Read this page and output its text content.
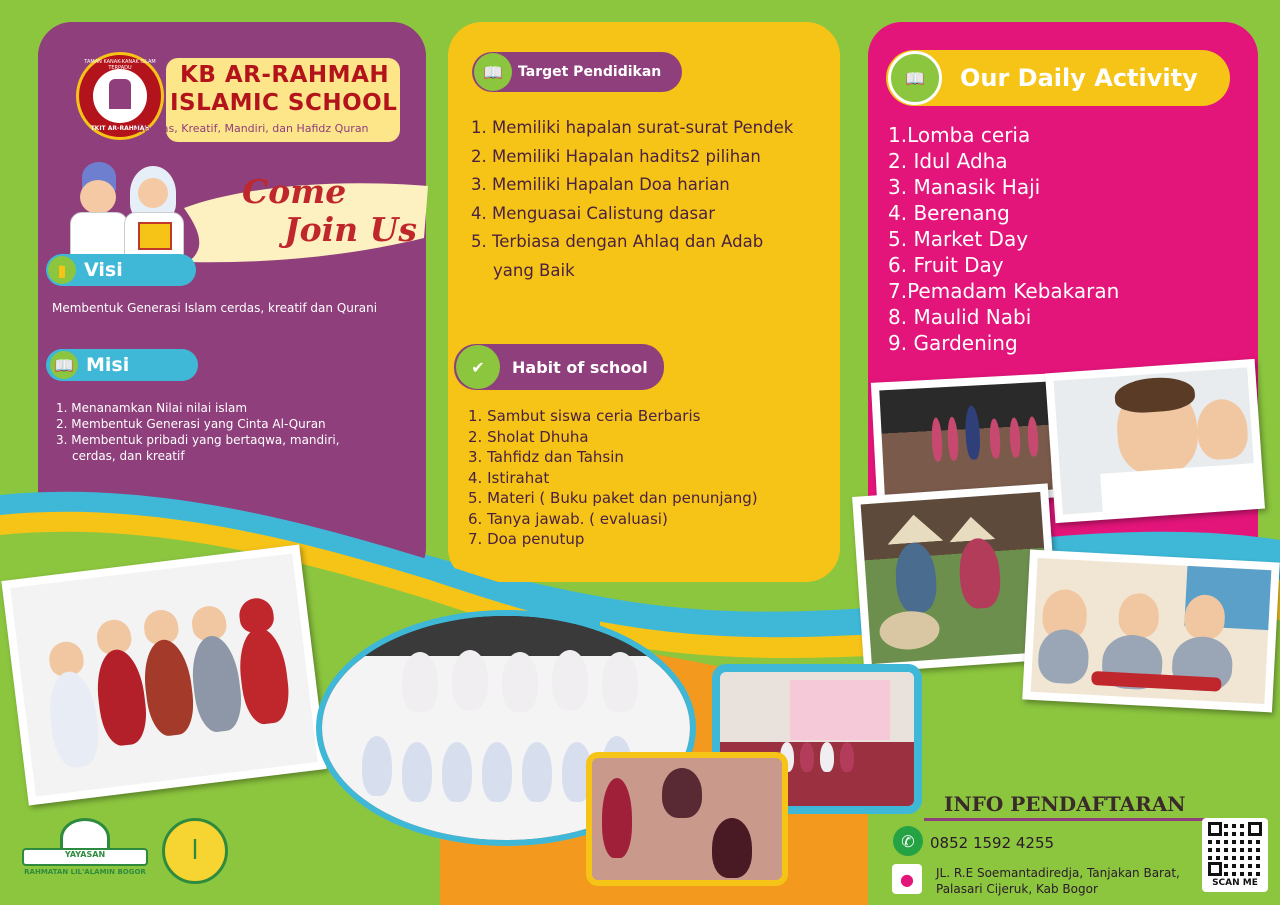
TAMAN KANAK-KANAK ISLAM TERPADU
TKIT AR-RAHMAH
KB AR-RAHMAH
ISLAMIC SCHOOL
Cerdas, Kreatif, Mandiri, dan Hafidz Quran
Come
Join Us
▮ Visi
Membentuk Generasi Islam cerdas, kreatif dan Qurani
📖 Misi
1. Menanamkan Nilai nilai islam
2. Membentuk Generasi yang Cinta Al-Quran
3. Membentuk pribadi yang bertaqwa, mandiri,
cerdas, dan kreatif
📖	Target Pendidikan
1. Memiliki hapalan surat-surat Pendek
2. Memiliki Hapalan hadits2 pilihan
3. Memiliki Hapalan Doa harian
4. Menguasai Calistung dasar
5. Terbiasa dengan Ahlaq dan Adab
yang Baik
✔	Habit of school
1. Sambut siswa ceria Berbaris
2. Sholat Dhuha
3. Tahfidz dan Tahsin
4. Istirahat
5. Materi ( Buku paket dan penunjang)
6. Tanya jawab. ( evaluasi)
7. Doa penutup
📖	Our Daily Activity
1.Lomba ceria
2. Idul Adha
3. Manasik Haji
4. Berenang
5. Market Day
6. Fruit Day
7.Pemadam Kebakaran
8. Maulid Nabi
9. Gardening
YAYASAN
RAHMATAN LIL'ALAMIN BOGOR
ا
INFO PENDAFTARAN
✆	0852 1592 4255
●	JL. R.E Soemantadiredja, Tanjakan Barat,
Palasari Cijeruk, Kab Bogor	SCAN ME
